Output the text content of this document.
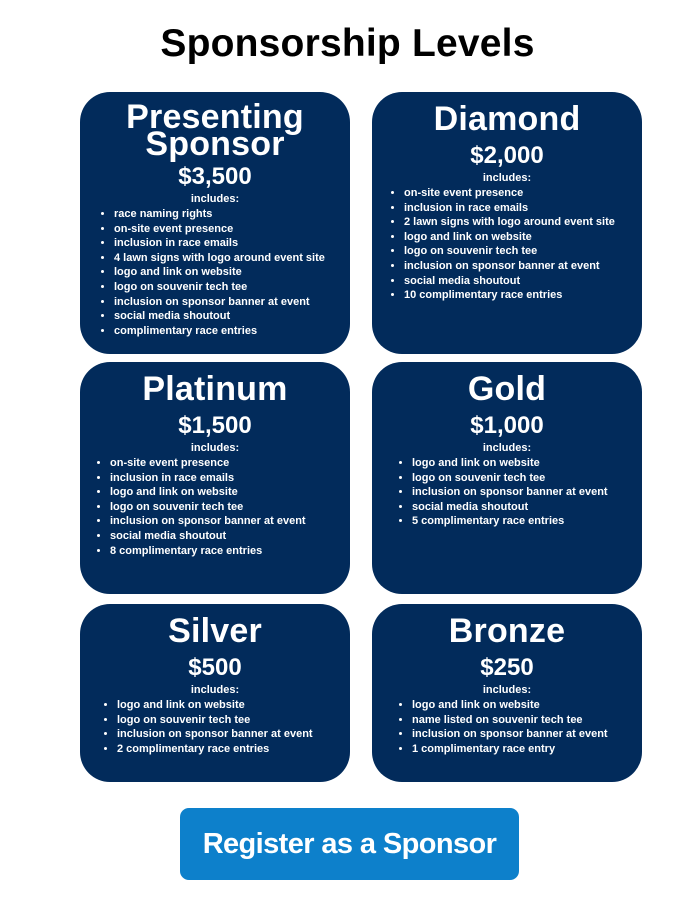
Sponsorship Levels
Presenting Sponsor
$3,500
includes:
• race naming rights
• on-site event presence
• inclusion in race emails
• 4 lawn signs with logo around event site
• logo and link on website
• logo on souvenir tech tee
• inclusion on sponsor banner at event
• social media shoutout
• complimentary race entries
Diamond
$2,000
includes:
• on-site event presence
• inclusion in race emails
• 2 lawn signs with logo around event site
• logo and link on website
• logo on souvenir tech tee
• inclusion on sponsor banner at event
• social media shoutout
• 10 complimentary race entries
Platinum
$1,500
includes:
• on-site event presence
• inclusion in race emails
• logo and link on website
• logo on souvenir tech tee
• inclusion on sponsor banner at event
• social media shoutout
• 8 complimentary race entries
Gold
$1,000
includes:
• logo and link on website
• logo on souvenir tech tee
• inclusion on sponsor banner at event
• social media shoutout
• 5 complimentary race entries
Silver
$500
includes:
• logo and link on website
• logo on souvenir tech tee
• inclusion on sponsor banner at event
• 2 complimentary race entries
Bronze
$250
includes:
• logo and link on website
• name listed on souvenir tech tee
• inclusion on sponsor banner at event
• 1 complimentary race entry
Register as a Sponsor
